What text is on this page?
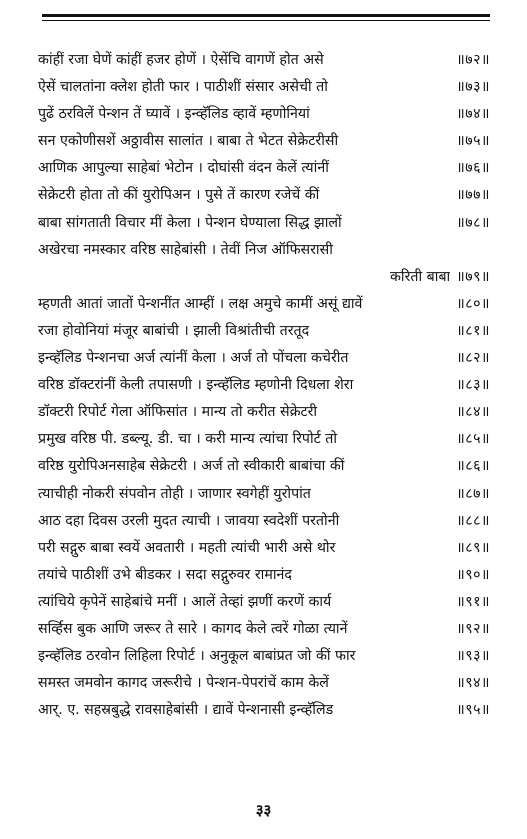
कांहीं रजा घेणें कांहीं हजर होणें । ऐसेंचि वागणें होत असे	॥७२॥
ऐसें चालतांना क्लेश होती फार । पाठीशीं संसार असेची तो	॥७३॥
पुढें ठरविलें पेन्शन तें घ्यावें । इन्व्हॅलिड व्हावें म्हणोनियां	॥७४॥
सन एकोणीसशें अठ्ठावीस सालांत । बाबा ते भेटत सेक्रेटरीसी	॥७५॥
आणिक आपुल्या साहेबां भेटोन । दोघांसी वंदन केलें त्यांनीं	॥७६॥
सेक्रेटरी होता तो कीं युरोपिअन । पुसे तें कारण रजेचें कीं	॥७७॥
बाबा सांगताती विचार मीं केला । पेन्शन घेण्याला सिद्ध झालों	॥७८॥
अखेरचा नमस्कार वरिष्ठ साहेबांसी । तेवीं निज ऑफिसरासी
करिती बाबा ॥७९॥
म्हणती आतां जातों पेन्शनींत आम्हीं । लक्ष अमुचे कामीं असूं द्यावें	॥८०॥
रजा होवोनियां मंजूर बाबांची । झाली विश्रांतीची तरतूद	॥८१॥
इन्व्हॅलिड पेन्शनचा अर्ज त्यांनीं केला । अर्ज तो पोंचला कचेरीत	॥८२॥
वरिष्ठ डॉक्टरांनीं केली तपासणी । इन्व्हॅलिड म्हणोनी दिधला शेरा	॥८३॥
डॉक्टरी रिपोर्ट गेला ऑफिसांत । मान्य तो करीत सेक्रेटरी	॥८४॥
प्रमुख वरिष्ठ पी. डब्ल्यू. डी. चा । करी मान्य त्यांचा रिपोर्ट तो	॥८५॥
वरिष्ठ युरोपिअनसाहेब सेक्रेटरी । अर्ज तो स्वीकारी बाबांचा कीं	॥८६॥
त्याचीही नोकरी संपवोन तोही । जाणार स्वगेहीं युरोपांत	॥८७॥
आठ दहा दिवस उरली मुदत त्याची । जावया स्वदेशीं परतोनी	॥८८॥
परी सद्गुरु बाबा स्वयें अवतारी । महती त्यांची भारी असे थोर	॥८९॥
तयांचे पाठीशीं उभे बीडकर । सदा सद्गुरुवर रामानंद	॥९०॥
त्यांचिये कृपेनें साहेबांचे मनीं । आलें तेव्हां झणीं करणें कार्य	॥९१॥
सर्व्हिस बुक आणि जरूर ते सारे । कागद केले त्वरें गोळा त्यानें	॥९२॥
इन्व्हॅलिड ठरवोन लिहिला रिपोर्ट । अनुकूल बाबांप्रत जो कीं फार	॥९३॥
समस्त जमवोन कागद जरूरीचे । पेन्शन-पेपरांचें काम केलें	॥९४॥
आर्. ए. सहस्रबुद्धे रावसाहेबांसी । द्यावें पेन्शनासी इन्व्हॅलिड	॥९५॥
३३
